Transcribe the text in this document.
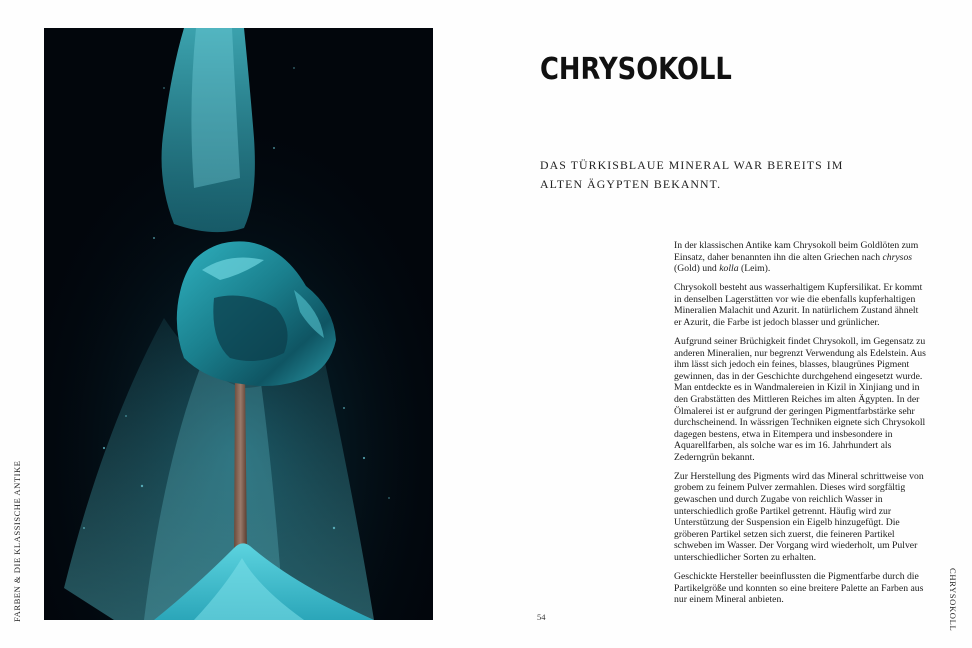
FARBEN & DIE KLASSISCHE ANTIKE
CHRYSOKOLL
DAS TÜRKISBLAUE MINERAL WAR BEREITS IM ALTEN ÄGYPTEN BEKANNT.

In der klassischen Antike kam Chrysokoll beim Goldlöten zum Einsatz, daher benannten ihn die alten Griechen nach chrysos (Gold) und kolla (Leim).

Chrysokoll besteht aus wasserhaltigem Kupfersilikat. Er kommt in denselben Lagerstätten vor wie die ebenfalls kupferhaltigen Mineralien Malachit und Azurit. In natürlichem Zustand ähnelt er Azurit, die Farbe ist jedoch blasser und grünlicher.

Aufgrund seiner Brüchigkeit findet Chrysokoll, im Gegensatz zu anderen Mineralien, nur begrenzt Verwendung als Edelstein. Aus ihm lässt sich jedoch ein feines, blasses, blaugrünes Pigment gewinnen, das in der Geschichte durchgehend eingesetzt wurde. Man entdeckte es in Wandmalereien in Kizil in Xinjiang und in den Grabstätten des Mittleren Reiches im alten Ägypten. In der Ölmalerei ist er aufgrund der geringen Pigmentfarbstärke sehr durchscheinend. In wässrigen Techniken eignete sich Chrysokoll dagegen bestens, etwa in Eitempera und insbesondere in Aquarellfarben, als solche war es im 16. Jahrhundert als Zederngrün bekannt.

Zur Herstellung des Pigments wird das Mineral schrittweise von grobem zu feinem Pulver zermahlen. Dieses wird sorgfältig gewaschen und durch Zugabe von reichlich Wasser in unterschiedlich große Partikel getrennt. Häufig wird zur Unterstützung der Suspension ein Eigelb hinzugefügt. Die gröberen Partikel setzen sich zuerst, die feineren Partikel schweben im Wasser. Der Vorgang wird wiederholt, um Pulver unterschiedlicher Sorten zu erhalten.

Geschickte Hersteller beeinflussten die Pigmentfarbe durch die Partikelgröße und konnten so eine breitere Palette an Farben aus nur einem Mineral anbieten.

54	CHRYSOKOLL
